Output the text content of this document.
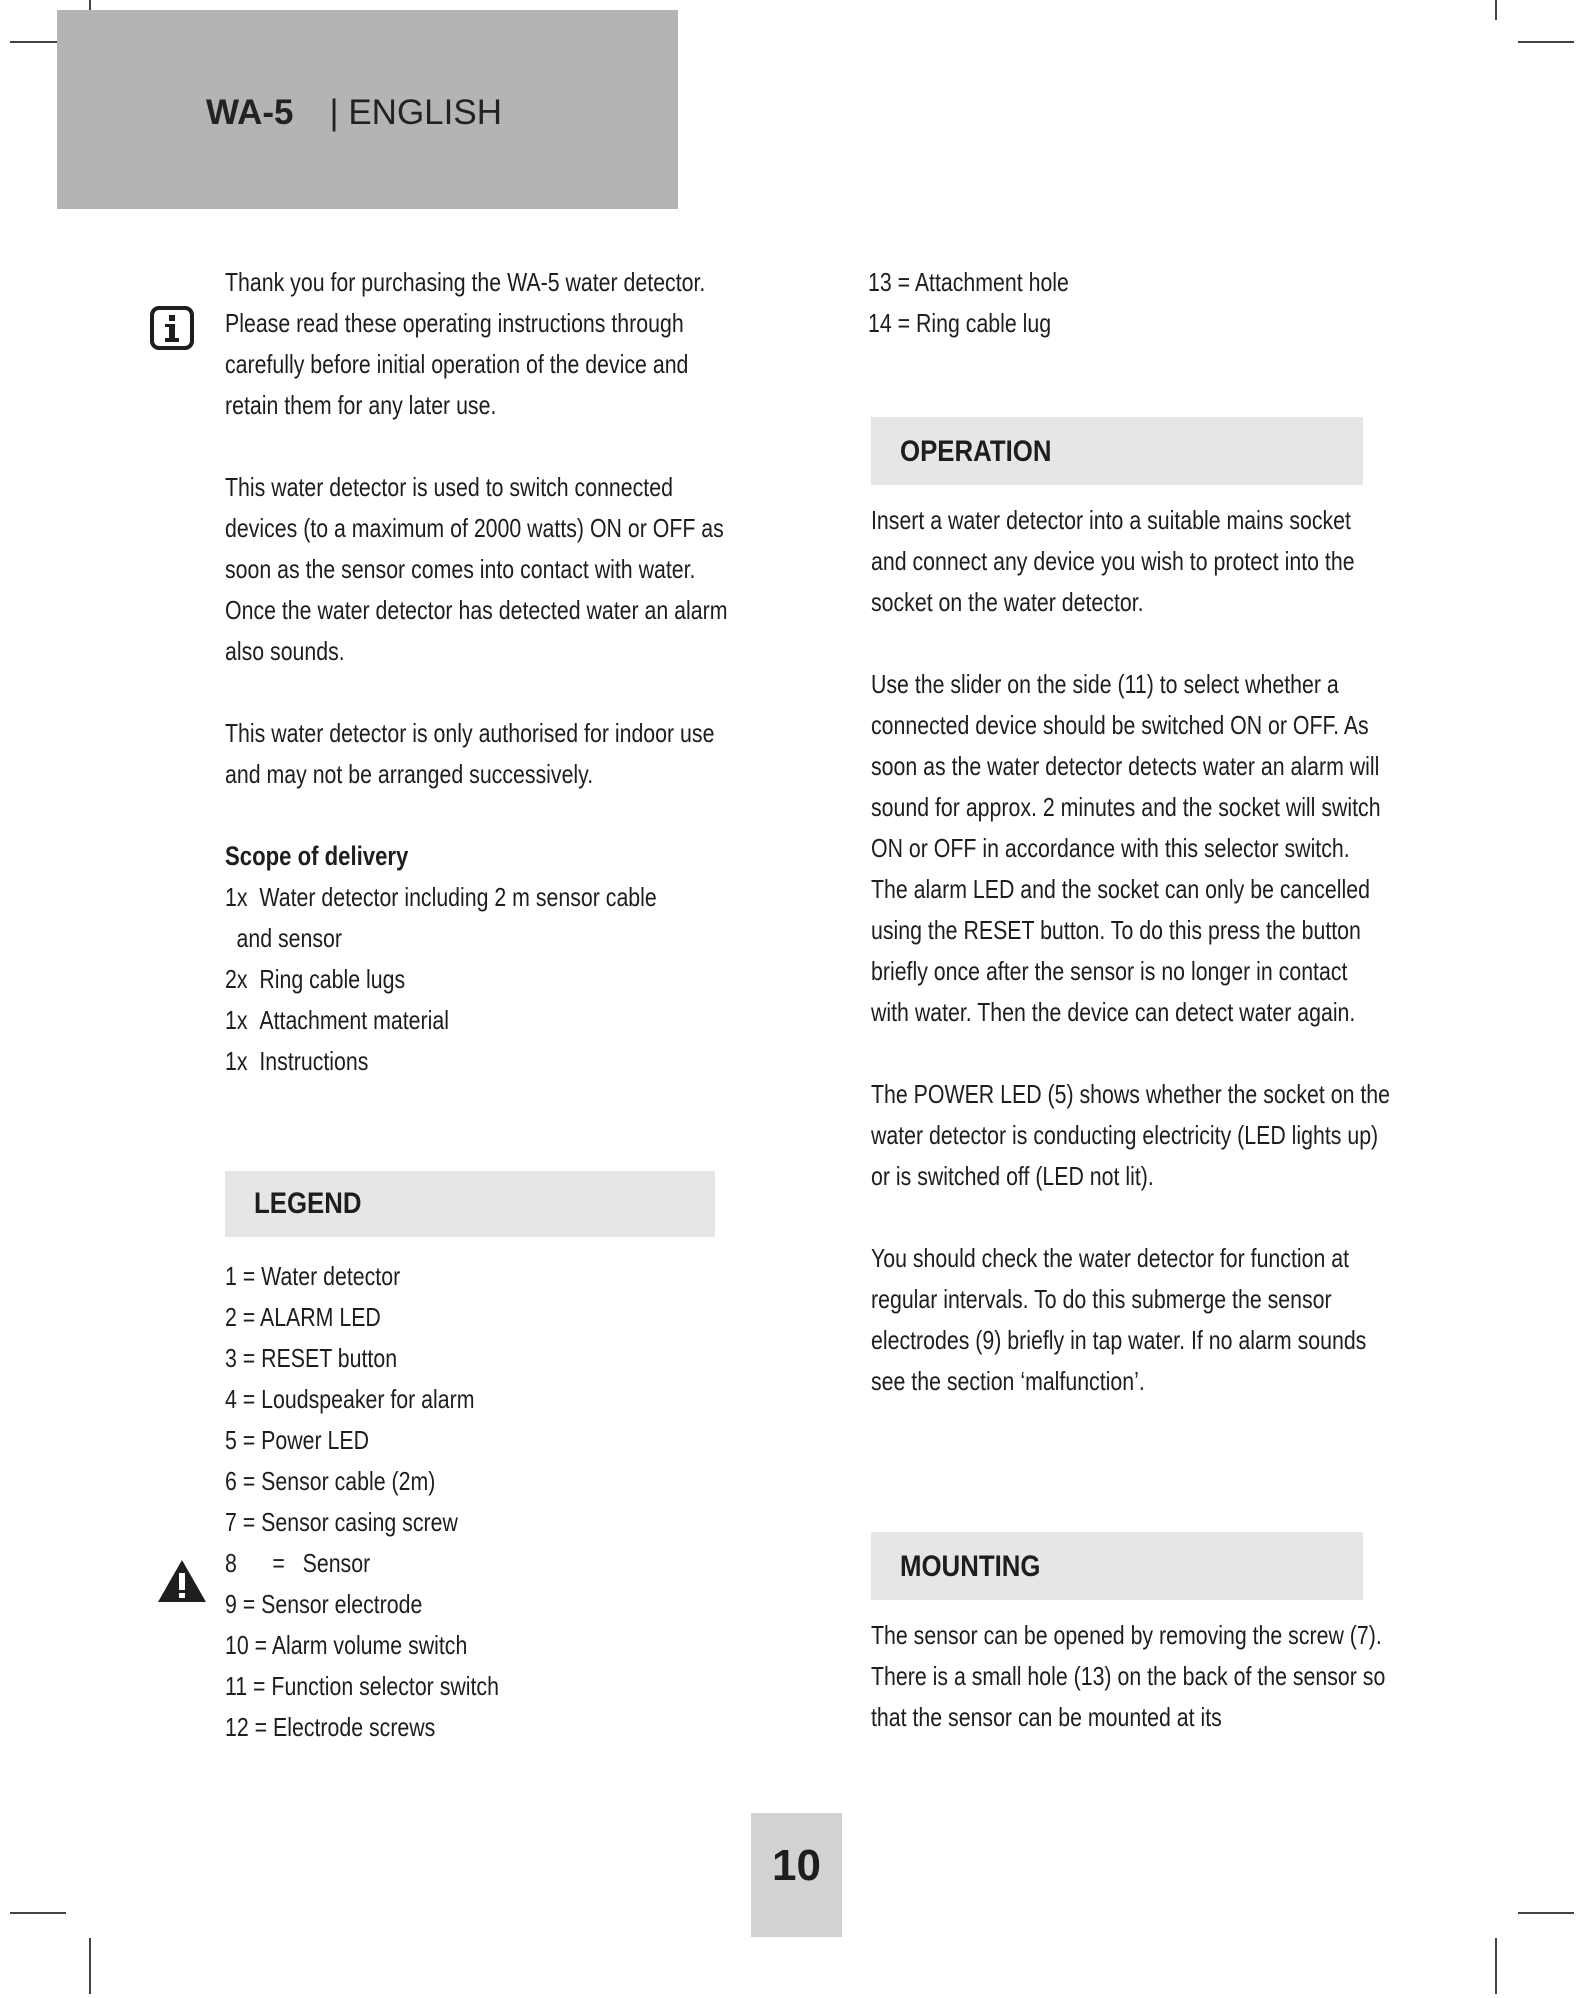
WA-5 | ENGLISH

Thank you for purchasing the WA-5 water detector. Please read these operating instructions through carefully before initial operation of the device and retain them for any later use.

This water detector is used to switch connected devices (to a maximum of 2000 watts) ON or OFF as soon as the sensor comes into contact with water. Once the water detector has detected water an alarm also sounds.

This water detector is only authorised for indoor use and may not be arranged successively.

Scope of delivery

1x Water detector including 2 m sensor cable
and sensor
2x Ring cable lugs
1x Attachment material
1x Instructions
LEGEND
1 = Water detector
2 = ALARM LED
3 = RESET button
4 = Loudspeaker for alarm
5 = Power LED
6 = Sensor cable (2m)
7 = Sensor casing screw
8      =   Sensor
9 = Sensor electrode
10 = Alarm volume switch
11 = Function selector switch
12 = Electrode screws
13 = Attachment hole
14 = Ring cable lug
OPERATION

Insert a water detector into a suitable mains socket and connect any device you wish to protect into the socket on the water detector.

Use the slider on the side (11) to select whether a connected device should be switched ON or OFF. As soon as the water detector detects water an alarm will sound for approx. 2 minutes and the socket will switch ON or OFF in accordance with this selector switch. The alarm LED and the socket can only be cancelled using the RESET button. To do this press the button briefly once after the sensor is no longer in contact with water. Then the device can detect water again.

The POWER LED (5) shows whether the socket on the water detector is conducting electricity (LED lights up) or is switched off (LED not lit).

You should check the water detector for function at regular intervals. To do this submerge the sensor electrodes (9) briefly in tap water. If no alarm sounds see the section ‘malfunction’.

MOUNTING

The sensor can be opened by removing the screw (7). There is a small hole (13) on the back of the sensor so that the sensor can be mounted at its

10
